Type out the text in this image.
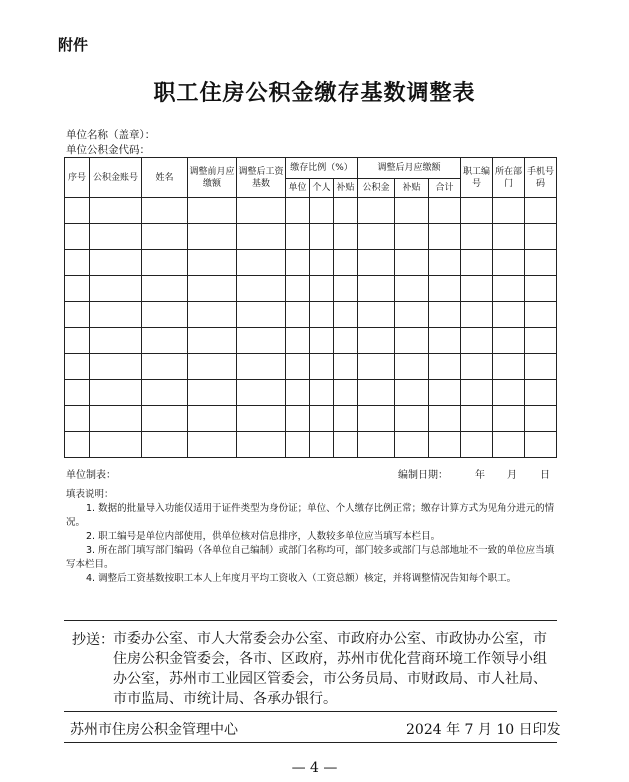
附件
职工住房公积金缴存基数调整表
单位名称（盖章）：
单位公积金代码：
序号	公积金账号	姓名	调整前月应缴额	调整后工资基数	缴存比例（%）			调整后月应缴额			职工编号	所在部门	手机号码
					单位	个人	补贴	公积金	补贴	合计			

单位制表：	编制日期：	年 月 日
填表说明：
1. 数据的批量导入功能仅适用于证件类型为身份证；单位、个人缴存比例正常；缴存计算方式为见角分进元的情况。
2. 职工编号是单位内部使用，供单位核对信息排序，人数较多单位应当填写本栏目。
3. 所在部门填写部门编码（各单位自己编制）或部门名称均可，部门较多或部门与总部地址不一致的单位应当填写本栏目。
4. 调整后工资基数按职工本人上年度月平均工资收入（工资总额）核定，并将调整情况告知每个职工。
抄送： 市委办公室、市人大常委会办公室、市政府办公室、市政协办公室，市住房公积金管委会，各市、区政府，苏州市优化营商环境工作领导小组办公室，苏州市工业园区管委会，市公务员局、市财政局、市人社局、市市监局、市统计局、各承办银行。
苏州市住房公积金管理中心	2024 年 7 月 10 日印发
— 4 —
